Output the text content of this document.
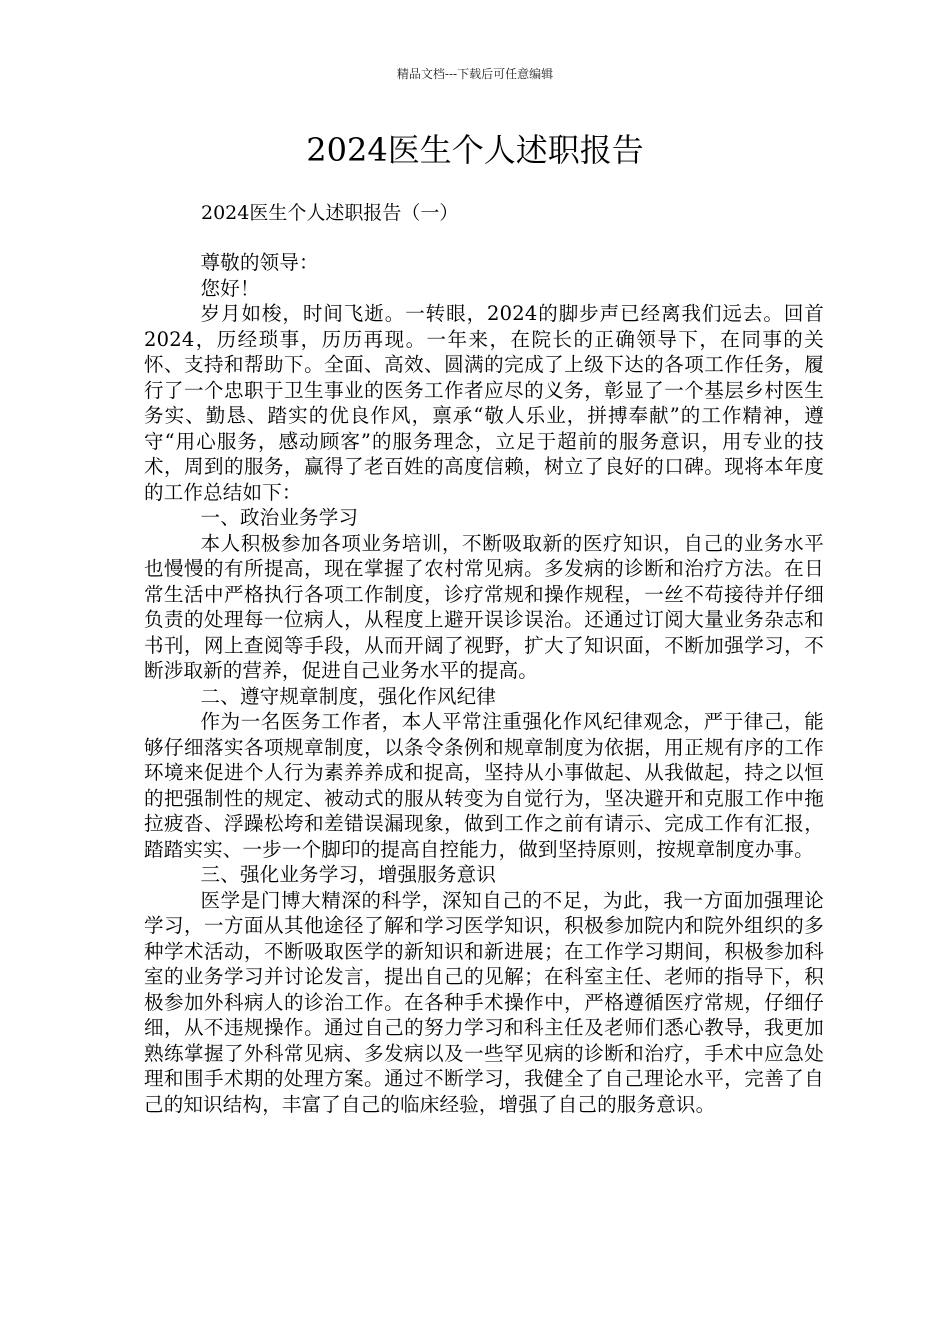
精品文档---下载后可任意编辑
2024医生个人述职报告

2024医生个人述职报告（一）

尊敬的领导：

您好！

岁月如梭，时间飞逝。一转眼，2024的脚步声已经离我们远去。回首2024，历经琐事，历历再现。一年来，在院长的正确领导下，在同事的关怀、支持和帮助下。全面、高效、圆满的完成了上级下达的各项工作任务，履行了一个忠职于卫生事业的医务工作者应尽的义务，彰显了一个基层乡村医生务实、勤恳、踏实的优良作风，禀承“敬人乐业，拼搏奉献”的工作精神，遵守“用心服务，感动顾客”的服务理念，立足于超前的服务意识，用专业的技术，周到的服务，赢得了老百姓的高度信赖，树立了良好的口碑。现将本年度的工作总结如下：

一、政治业务学习

本人积极参加各项业务培训，不断吸取新的医疗知识，自己的业务水平也慢慢的有所提高，现在掌握了农村常见病。多发病的诊断和治疗方法。在日常生活中严格执行各项工作制度，诊疗常规和操作规程，一丝不苟接待并仔细负责的处理每一位病人，从程度上避开误诊误治。还通过订阅大量业务杂志和书刊，网上查阅等手段，从而开阔了视野，扩大了知识面，不断加强学习，不断涉取新的营养，促进自己业务水平的提高。

二、遵守规章制度，强化作风纪律

作为一名医务工作者，本人平常注重强化作风纪律观念，严于律己，能够仔细落实各项规章制度，以条令条例和规章制度为依据，用正规有序的工作环境来促进个人行为素养养成和捉高，坚持从小事做起、从我做起，持之以恒的把强制性的规定、被动式的服从转变为自觉行为，坚决避开和克服工作中拖拉疲沓、浮躁松垮和差错误漏现象，做到工作之前有请示、完成工作有汇报，踏踏实实、一步一个脚印的提高自控能力，做到坚持原则，按规章制度办事。

三、强化业务学习，增强服务意识

医学是门博大精深的科学，深知自己的不足，为此，我一方面加强理论学习，一方面从其他途径了解和学习医学知识，积极参加院内和院外组织的多种学术活动，不断吸取医学的新知识和新进展；在工作学习期间，积极参加科室的业务学习并讨论发言，提出自己的见解；在科室主任、老师的指导下，积极参加外科病人的诊治工作。在各种手术操作中，严格遵循医疗常规，仔细仔细，从不违规操作。通过自己的努力学习和科主任及老师们悉心教导，我更加熟练掌握了外科常见病、多发病以及一些罕见病的诊断和治疗，手术中应急处理和围手术期的处理方案。通过不断学习，我健全了自己理论水平，完善了自己的知识结构，丰富了自己的临床经验，增强了自己的服务意识。
